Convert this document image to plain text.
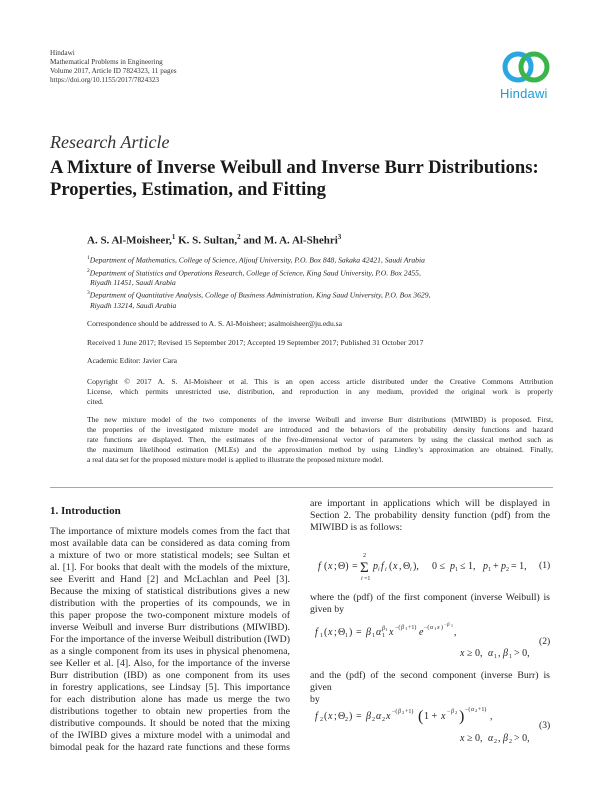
Hindawi
Mathematical Problems in Engineering
Volume 2017, Article ID 7824323, 11 pages
https://doi.org/10.1155/2017/7824323
Hindawi
Research Article
A Mixture of Inverse Weibull and Inverse Burr Distributions:
Properties, Estimation, and Fitting
A. S. Al-Moisheer,$^1$ K. S. Sultan,$^2$ and M. A. Al-Shehri$^3$
$^1$Department of Mathematics, College of Science, Aljouf University, P.O. Box 848, Sakaka 42421, Saudi Arabia
$^2$Department of Statistics and Operations Research, College of Science, King Saud University, P.O. Box 2455,
Riyadh 11451, Saudi Arabia
$^3$Department of Quantitative Analysis, College of Business Administration, King Saud University, P.O. Box 3629,
Riyadh 13214, Saudi Arabia
Correspondence should be addressed to A. S. Al-Moisheer; asalmoisheer@ju.edu.sa
Received 1 June 2017; Revised 15 September 2017; Accepted 19 September 2017; Published 31 October 2017
Academic Editor: Javier Cara
Copyright © 2017 A. S. Al-Moisheer et al. This is an open access article distributed under the Creative Commons Attribution
License, which permits unrestricted use, distribution, and reproduction in any medium, provided the original work is properly
cited.
The new mixture model of the two components of the inverse Weibull and inverse Burr distributions (MIWIBD) is proposed. First,
the properties of the investigated mixture model are introduced and the behaviors of the probability density functions and hazard
rate functions are displayed. Then, the estimates of the five-dimensional vector of parameters by using the classical method such as
the maximum likelihood estimation (MLEs) and the approximation method by using Lindley’s approximation are obtained. Finally,
a real data set for the proposed mixture model is applied to illustrate the proposed mixture model.
1. Introduction
The importance of mixture models comes from the fact that
most available data can be considered as data coming from
a mixture of two or more statistical models; see Sultan et
al. [1]. For books that dealt with the models of the mixture,
see Everitt and Hand [2] and McLachlan and Peel [3].
Because the mixing of statistical distributions gives a new
distribution with the properties of its compounds, we in
this paper propose the two-component mixture models of
inverse Weibull and inverse Burr distributions (MIWIBD).
For the importance of the inverse Weibull distribution (IWD)
as a single component from its uses in physical phenomena,
see Keller et al. [4]. Also, for the importance of the inverse
Burr distribution (IBD) as one component from its uses
in forestry applications, see Lindsay [5]. This importance
for each distribution alone has made us merge the two
distributions together to obtain new properties from the
distributive compounds. It should be noted that the mixing
of the IWIBD gives a mixture model with a unimodal and
bimodal peak for the hazard rate functions and these forms
are important in applications which will be displayed in
Section 2. The probability density function (pdf) from the
MIWIBD is as follows:
f ( x ; Θ) =
2
Σ
i =1
p i f i ( x , Θ i ), 0 ≤ p 1 ≤ 1, p 1 + p 2 = 1, (1)
where the (pdf) of the first component (inverse Weibull) is
given by
f 1 ( x ; Θ 1 ) = β 1 α β 1
1 x −( β 1 +1) e −( α 1 x )
− β 1
,
x ≥ 0, α 1 , β 1 > 0,
(2)
and the (pdf) of the second component (inverse Burr) is given
by
f 2 ( x ; Θ 2 ) = β 2 α 2 x −( β 2 +1) ( 1 + x − β 2 ) −( α 2 +1)
,
x ≥ 0, α 2 , β 2 > 0,
(3)
